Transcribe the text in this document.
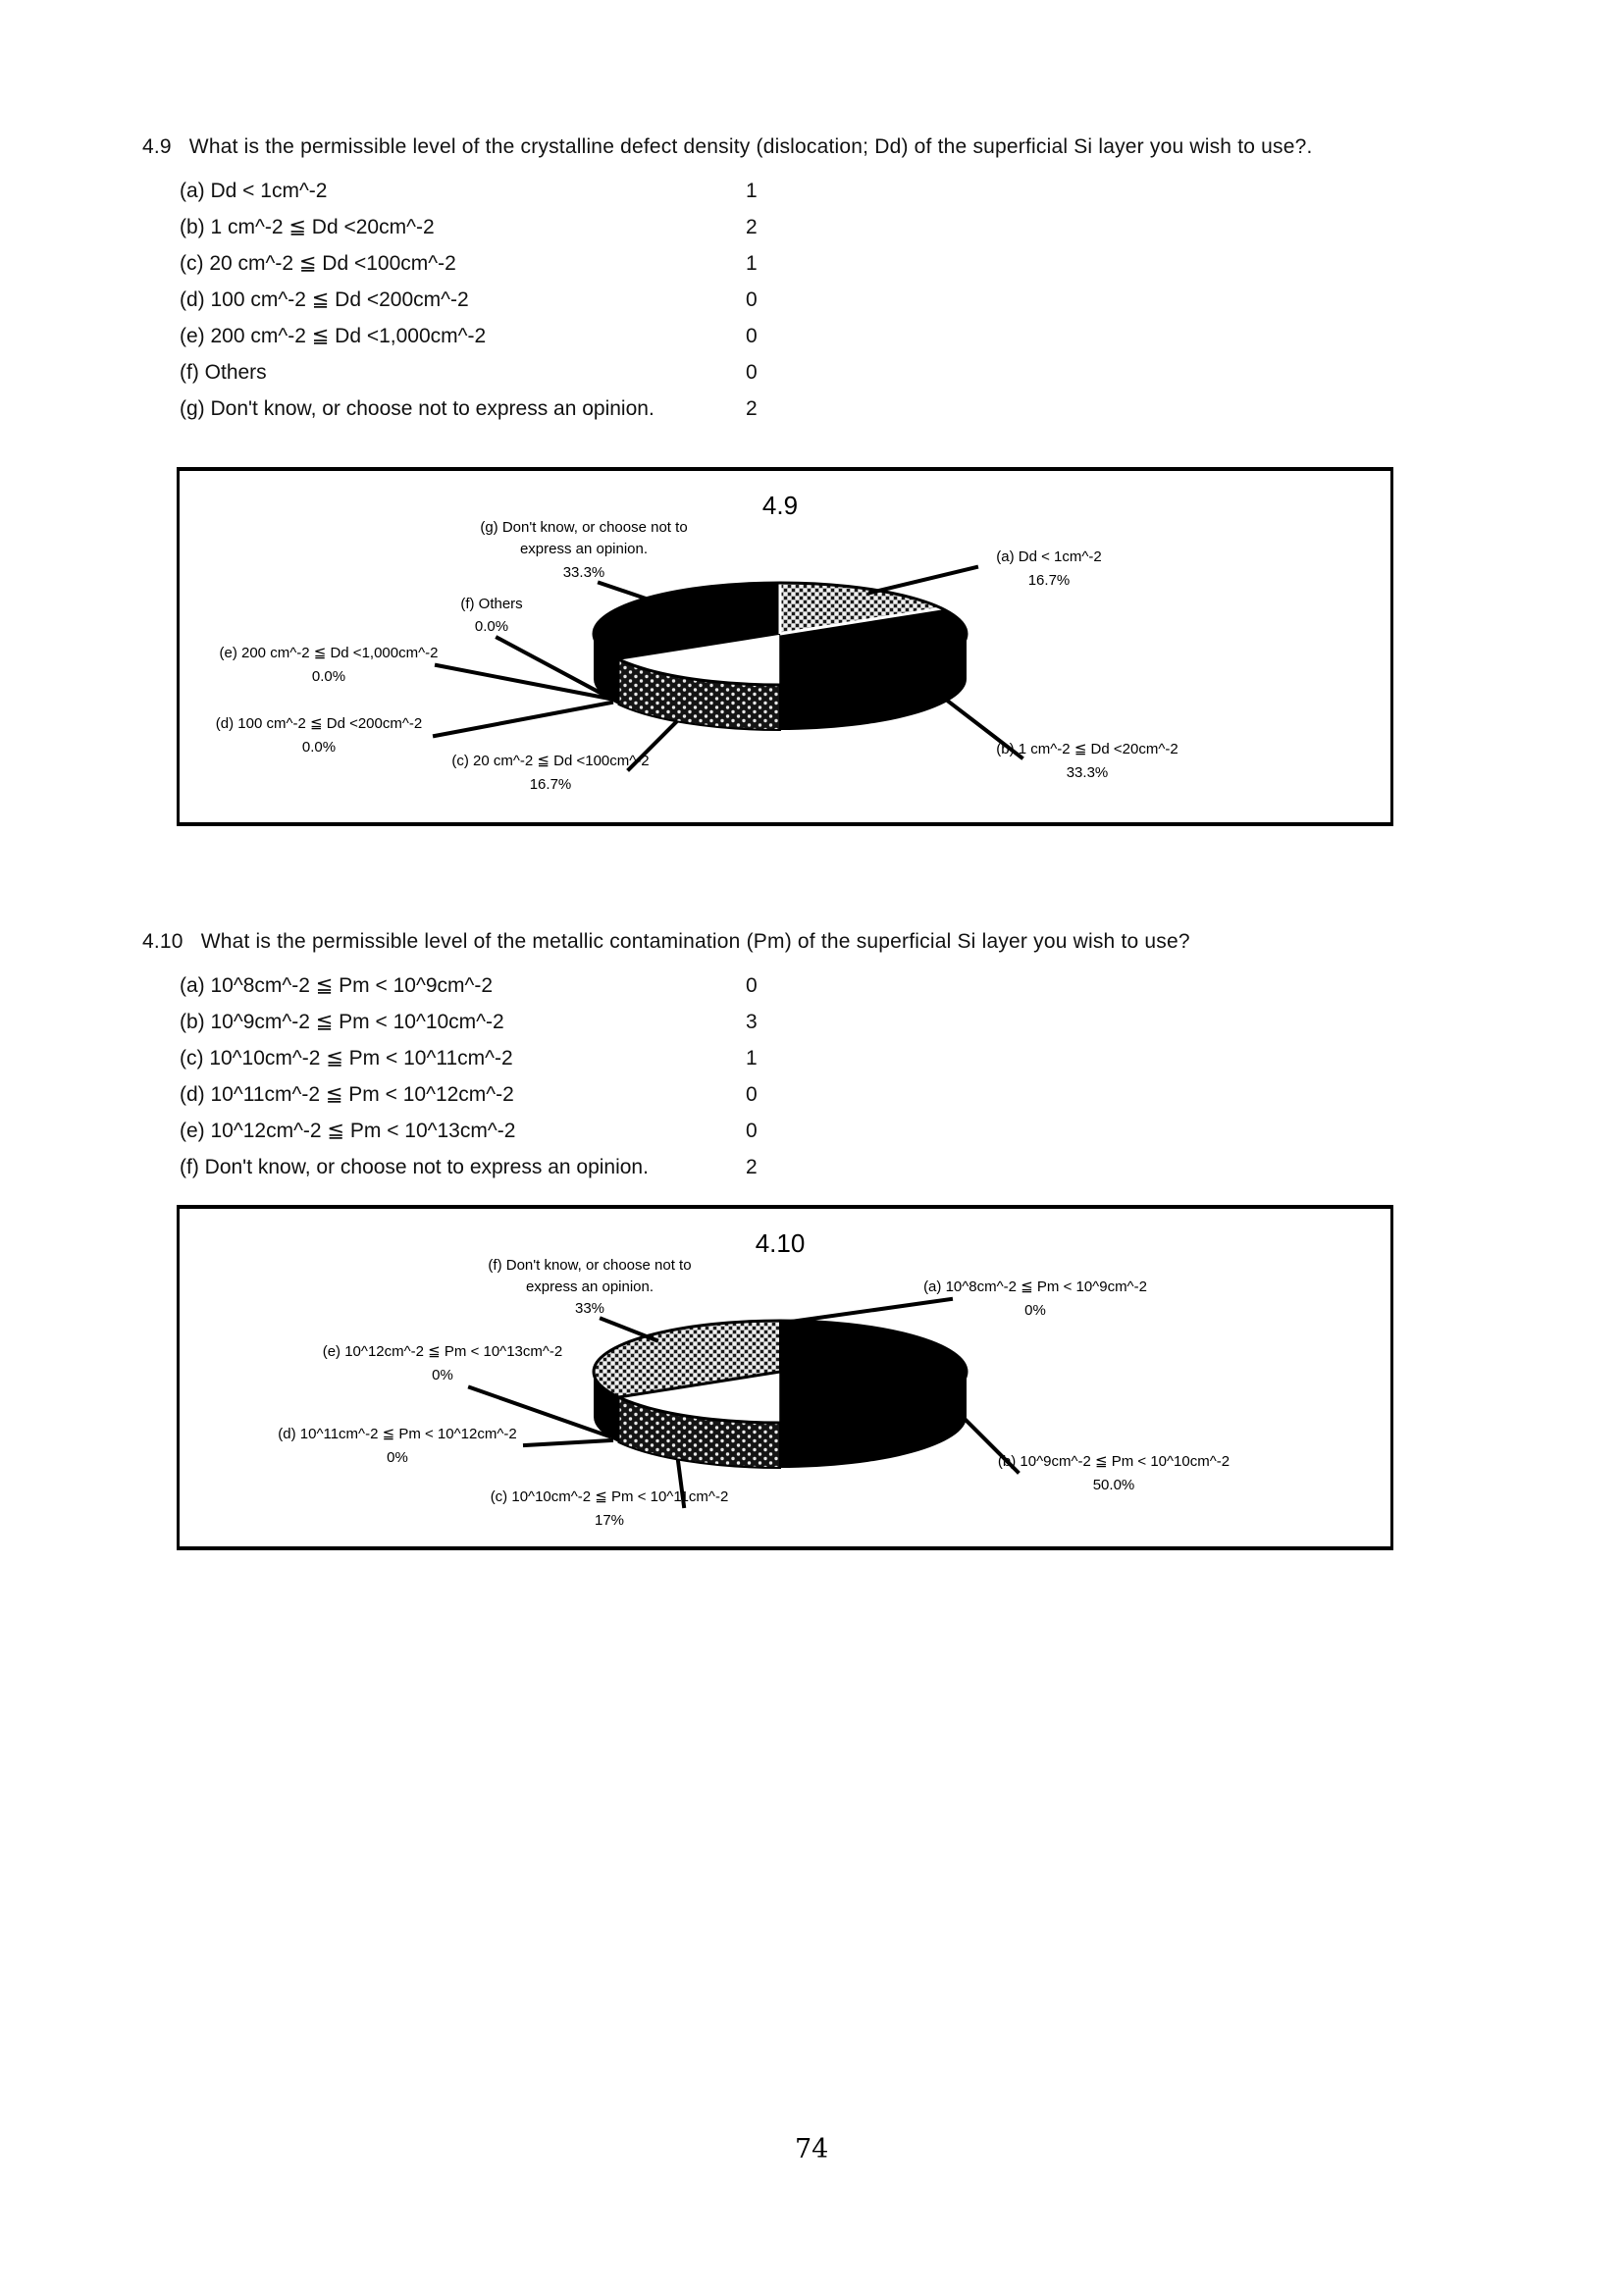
4.9 What is the permissible level of the crystalline defect density (dislocation; Dd) of the superficial Si layer you wish to use?.
(a) Dd < 1cm^-2	1
(b) 1 cm^-2 ≦ Dd <20cm^-2	2
(c) 20 cm^-2 ≦ Dd <100cm^-2	1
(d) 100 cm^-2 ≦ Dd <200cm^-2	0
(e) 200 cm^-2 ≦ Dd <1,000cm^-2	0
(f) Others	0
(g) Don't know, or choose not to express an opinion.	2
4.9
(g) Don't know, or choose not to
express an opinion.
33.3%
(f) Others
0.0%
(e) 200 cm^-2 ≦ Dd <1,000cm^-2
0.0%
(d) 100 cm^-2 ≦ Dd <200cm^-2
0.0%
(c) 20 cm^-2 ≦ Dd <100cm^-2
16.7%
(a) Dd < 1cm^-2
16.7%
(b) 1 cm^-2 ≦ Dd <20cm^-2
33.3%
4.10 What is the permissible level of the metallic contamination (Pm) of the superficial Si layer you wish to use?
(a) 10^8cm^-2 ≦ Pm < 10^9cm^-2	0
(b) 10^9cm^-2 ≦ Pm < 10^10cm^-2	3
(c) 10^10cm^-2 ≦ Pm < 10^11cm^-2	1
(d) 10^11cm^-2 ≦ Pm < 10^12cm^-2	0
(e) 10^12cm^-2 ≦ Pm < 10^13cm^-2	0
(f) Don't know, or choose not to express an opinion.	2
4.10
(f) Don't know, or choose not to
express an opinion.
33%
(a) 10^8cm^-2 ≦ Pm < 10^9cm^-2
0%
(e) 10^12cm^-2 ≦ Pm < 10^13cm^-2
0%
(d) 10^11cm^-2 ≦ Pm < 10^12cm^-2
0%	(b) 10^9cm^-2 ≦ Pm < 10^10cm^-2
50.0%
(c) 10^10cm^-2 ≦ Pm < 10^11cm^-2
17%
74
